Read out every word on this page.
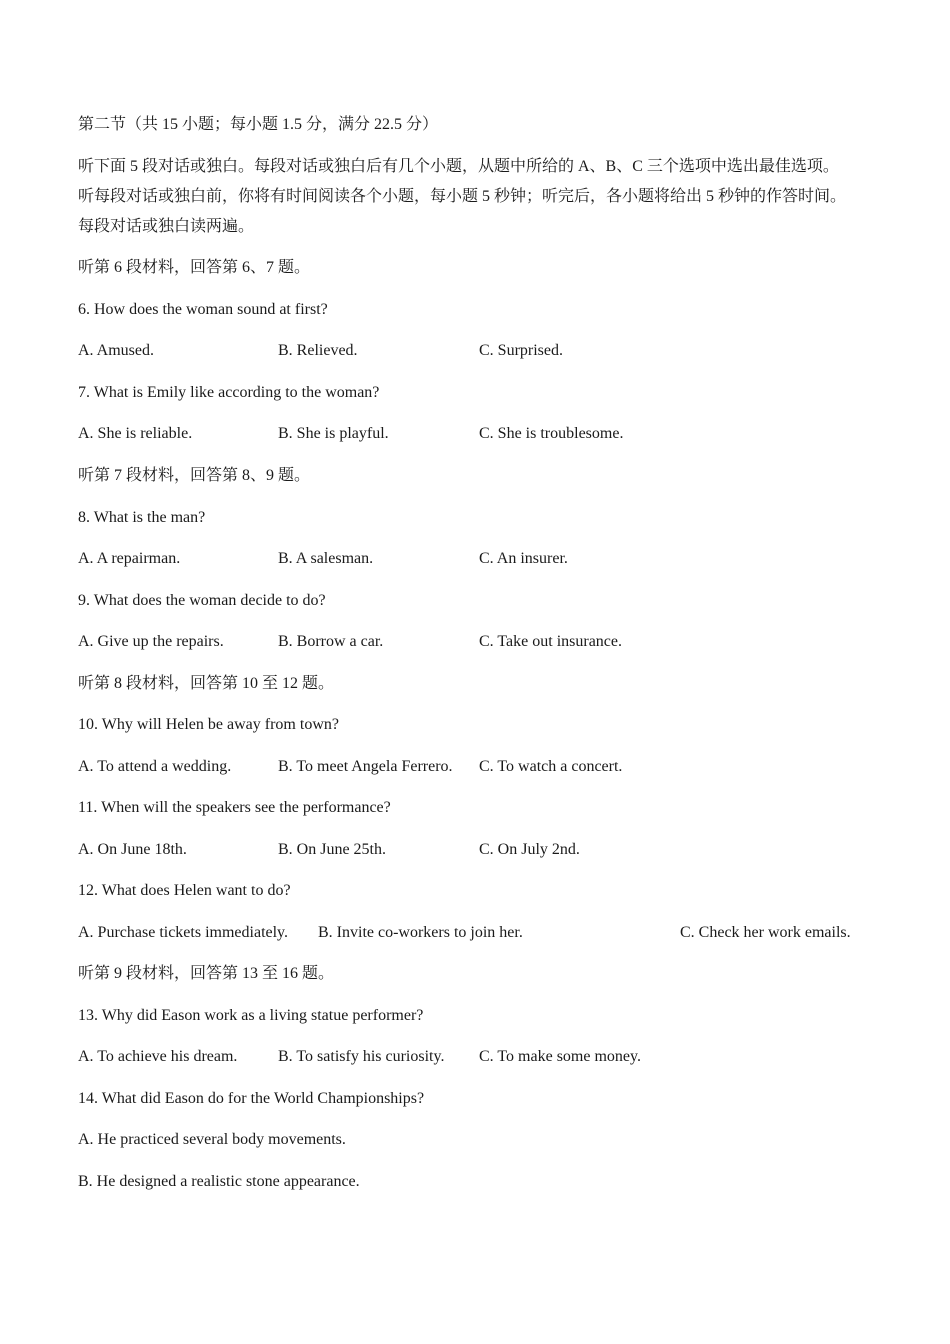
第二节（共 15 小题；每小题 1.5 分，满分 22.5 分）
听下面 5 段对话或独白。每段对话或独白后有几个小题，从题中所给的 A、B、C 三个选项中选出最佳选项。
听每段对话或独白前，你将有时间阅读各个小题，每小题 5 秒钟；听完后，各小题将给出 5 秒钟的作答时间。
每段对话或独白读两遍。
听第 6 段材料，回答第 6、7 题。
6. How does the woman sound at first?
A. Amused.	B. Relieved.	C. Surprised.
7. What is Emily like according to the woman?
A. She is reliable.	B. She is playful.	C. She is troublesome.
听第 7 段材料，回答第 8、9 题。
8. What is the man?
A. A repairman.	B. A salesman.	C. An insurer.
9. What does the woman decide to do?
A. Give up the repairs.	B. Borrow a car.	C. Take out insurance.
听第 8 段材料，回答第 10 至 12 题。
10. Why will Helen be away from town?
A. To attend a wedding.	B. To meet Angela Ferrero. C. To watch a concert.
11. When will the speakers see the performance?
A. On June 18th.	B. On June 25th.	C. On July 2nd.
12. What does Helen want to do?
A. Purchase tickets immediately. B. Invite co-workers to join her.	C. Check her work emails.
听第 9 段材料，回答第 13 至 16 题。
13. Why did Eason work as a living statue performer?
A. To achieve his dream.	B. To satisfy his curiosity. C. To make some money.
14. What did Eason do for the World Championships?
A. He practiced several body movements.
B. He designed a realistic stone appearance.
